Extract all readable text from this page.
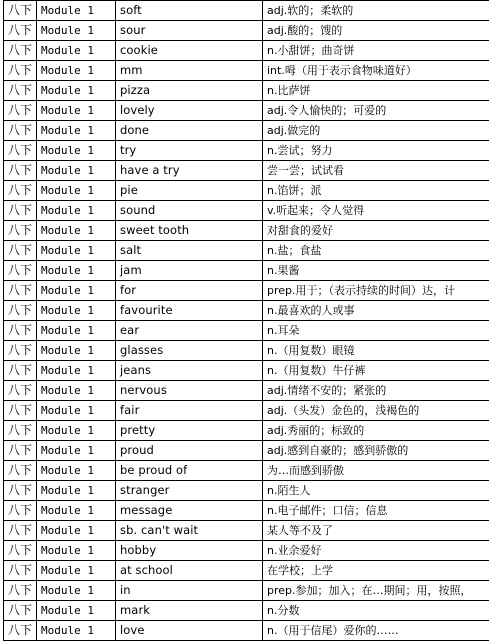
八下	Module 1	soft	adj.软的；柔软的
八下	Module 1	sour	adj.酸的；馊的
八下	Module 1	cookie	n.小甜饼；曲奇饼
八下	Module 1	mm	int.呣（用于表示食物味道好）
八下	Module 1	pizza	n.比萨饼
八下	Module 1	lovely	adj.令人愉快的；可爱的
八下	Module 1	done	adj.做完的
八下	Module 1	try	n.尝试；努力
八下	Module 1	have a try	尝一尝；试试看
八下	Module 1	pie	n.馅饼；派
八下	Module 1	sound	v.听起来；令人觉得
八下	Module 1	sweet tooth	对甜食的爱好
八下	Module 1	salt	n.盐；食盐
八下	Module 1	jam	n.果酱
八下	Module 1	for	prep.用于；（表示持续的时间）达，计
八下	Module 1	favourite	n.最喜欢的人或事
八下	Module 1	ear	n.耳朵
八下	Module 1	glasses	n.（用复数）眼镜
八下	Module 1	jeans	n.（用复数）牛仔裤
八下	Module 1	nervous	adj.情绪不安的；紧张的
八下	Module 1	fair	adj.（头发）金色的，浅褐色的
八下	Module 1	pretty	adj.秀丽的；标致的
八下	Module 1	proud	adj.感到自豪的；感到骄傲的
八下	Module 1	be proud of	为…而感到骄傲
八下	Module 1	stranger	n.陌生人
八下	Module 1	message	n.电子邮件；口信；信息
八下	Module 1	sb. can't wait	某人等不及了
八下	Module 1	hobby	n.业余爱好
八下	Module 1	at school	在学校；上学
八下	Module 1	in	prep.参加；加入；在…期间；用，按照，
八下	Module 1	mark	n.分数
八下	Module 1	love	n.（用于信尾）爱你的……
